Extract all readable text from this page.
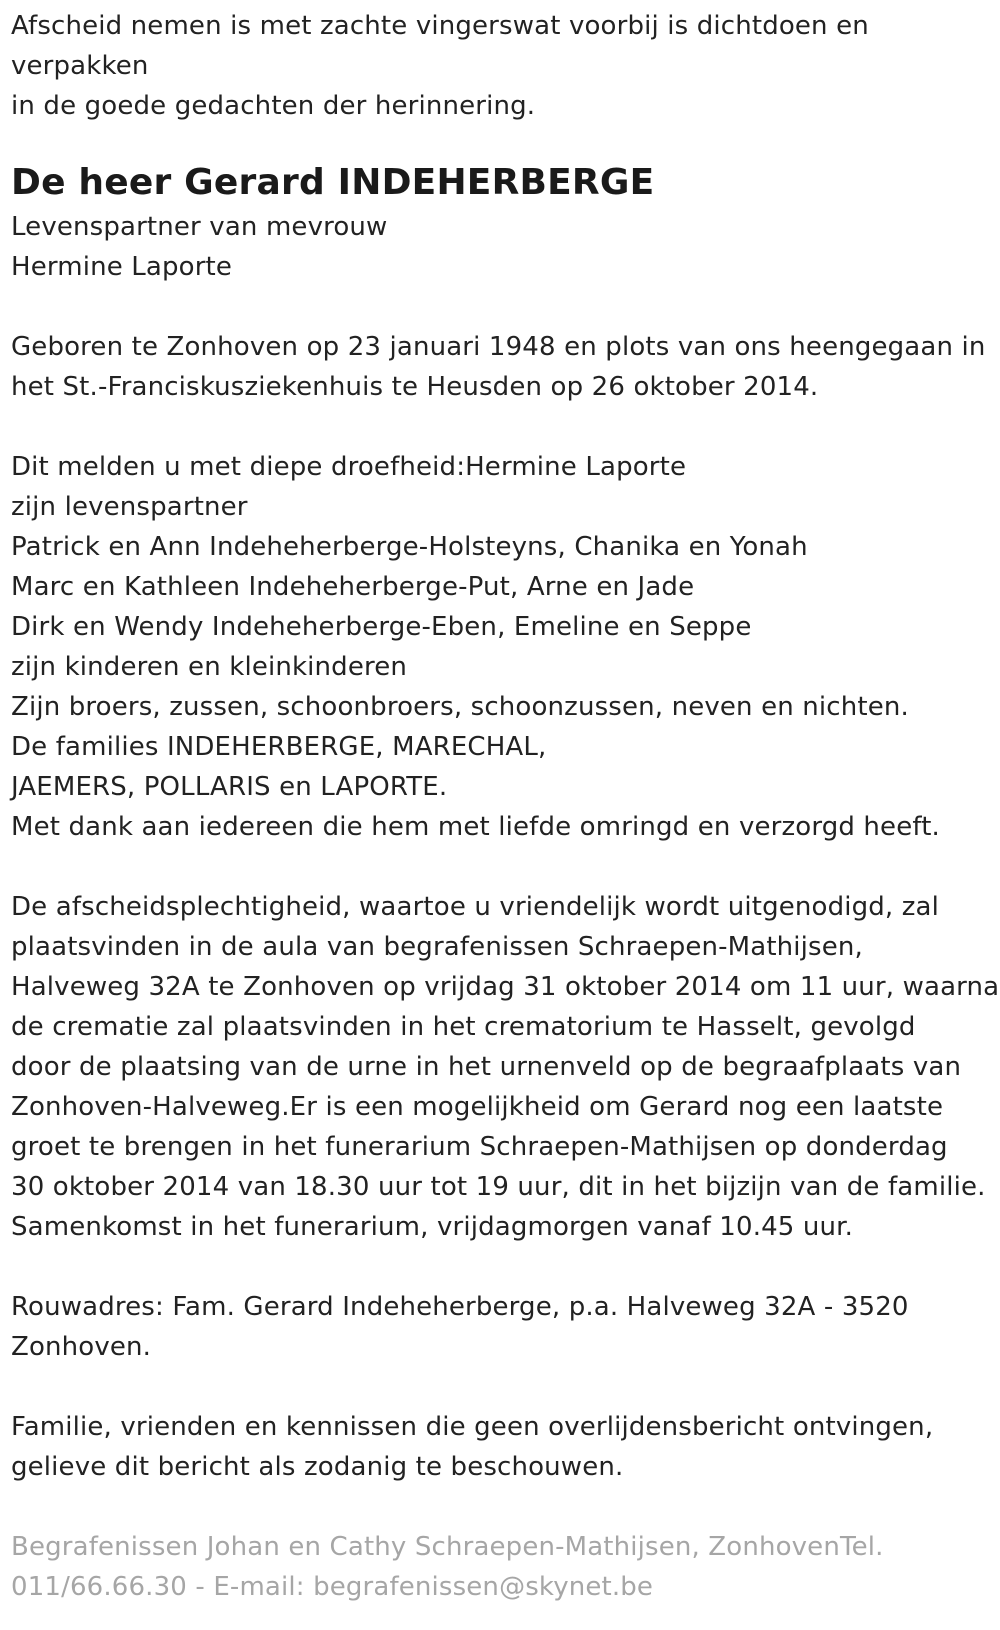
Afscheid nemen is met zachte vingerswat voorbij is dichtdoen en
verpakken
in de goede gedachten der herinnering.
De heer Gerard INDEHERBERGE
Levenspartner van mevrouw
Hermine Laporte
Geboren te Zonhoven op 23 januari 1948 en plots van ons heengegaan in
het St.-Franciskusziekenhuis te Heusden op 26 oktober 2014.
Dit melden u met diepe droefheid:Hermine Laporte
zijn levenspartner
Patrick en Ann Indeheherberge-Holsteyns, Chanika en Yonah
Marc en Kathleen Indeheherberge-Put, Arne en Jade
Dirk en Wendy Indeheherberge-Eben, Emeline en Seppe
zijn kinderen en kleinkinderen
Zijn broers, zussen, schoonbroers, schoonzussen, neven en nichten.
De families INDEHERBERGE, MARECHAL,
JAEMERS, POLLARIS en LAPORTE.
Met dank aan iedereen die hem met liefde omringd en verzorgd heeft.
De afscheidsplechtigheid, waartoe u vriendelijk wordt uitgenodigd, zal
plaatsvinden in de aula van begrafenissen Schraepen-Mathijsen,
Halveweg 32A te Zonhoven op vrijdag 31 oktober 2014 om 11 uur, waarna
de crematie zal plaatsvinden in het crematorium te Hasselt, gevolgd
door de plaatsing van de urne in het urnenveld op de begraafplaats van
Zonhoven-Halveweg.Er is een mogelijkheid om Gerard nog een laatste
groet te brengen in het funerarium Schraepen-Mathijsen op donderdag
30 oktober 2014 van 18.30 uur tot 19 uur, dit in het bijzijn van de familie.
Samenkomst in het funerarium, vrijdagmorgen vanaf 10.45 uur.
Rouwadres: Fam. Gerard Indeheherberge, p.a. Halveweg 32A - 3520
Zonhoven.
Familie, vrienden en kennissen die geen overlijdensbericht ontvingen,
gelieve dit bericht als zodanig te beschouwen.
Begrafenissen Johan en Cathy Schraepen-Mathijsen, ZonhovenTel.
011/66.66.30 - E-mail: begrafenissen@skynet.be
